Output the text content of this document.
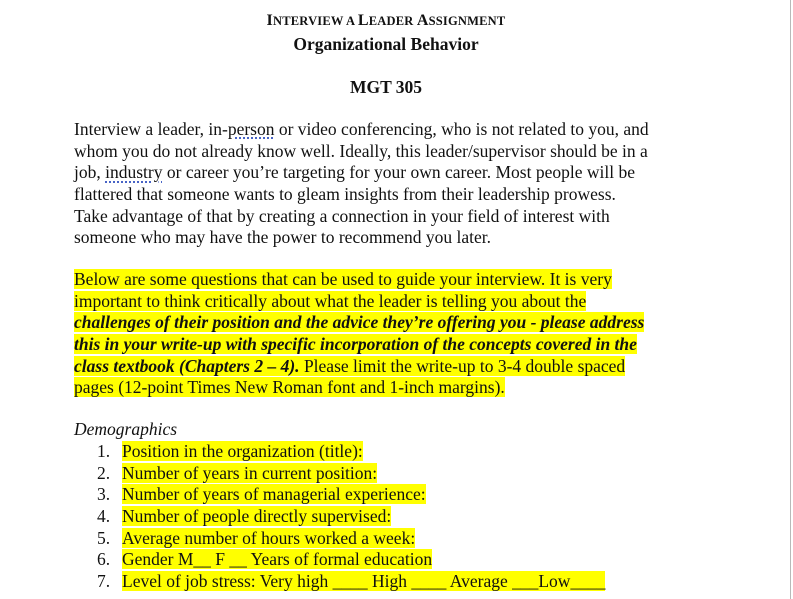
INTERVIEW A LEADER ASSIGNMENT
Organizational Behavior
MGT 305
Interview a leader, in-person or video conferencing, who is not related to you, and
whom you do not already know well. Ideally, this leader/supervisor should be in a
job, industry or career you’re targeting for your own career. Most people will be
flattered that someone wants to gleam insights from their leadership prowess.
Take advantage of that by creating a connection in your field of interest with
someone who may have the power to recommend you later.
Below are some questions that can be used to guide your interview. It is very
important to think critically about what the leader is telling you about the
challenges of their position and the advice they’re offering you - please address
this in your write-up with specific incorporation of the concepts covered in the
class textbook (Chapters 2 – 4). Please limit the write-up to 3-4 double spaced
pages (12-point Times New Roman font and 1-inch margins).
Demographics
1. Position in the organization (title):
2. Number of years in current position:
3. Number of years of managerial experience:
4. Number of people directly supervised:
5. Average number of hours worked a week:
6. Gender M__ F __ Years of formal education
7. Level of job stress: Very high ____ High ____ Average ___Low____
